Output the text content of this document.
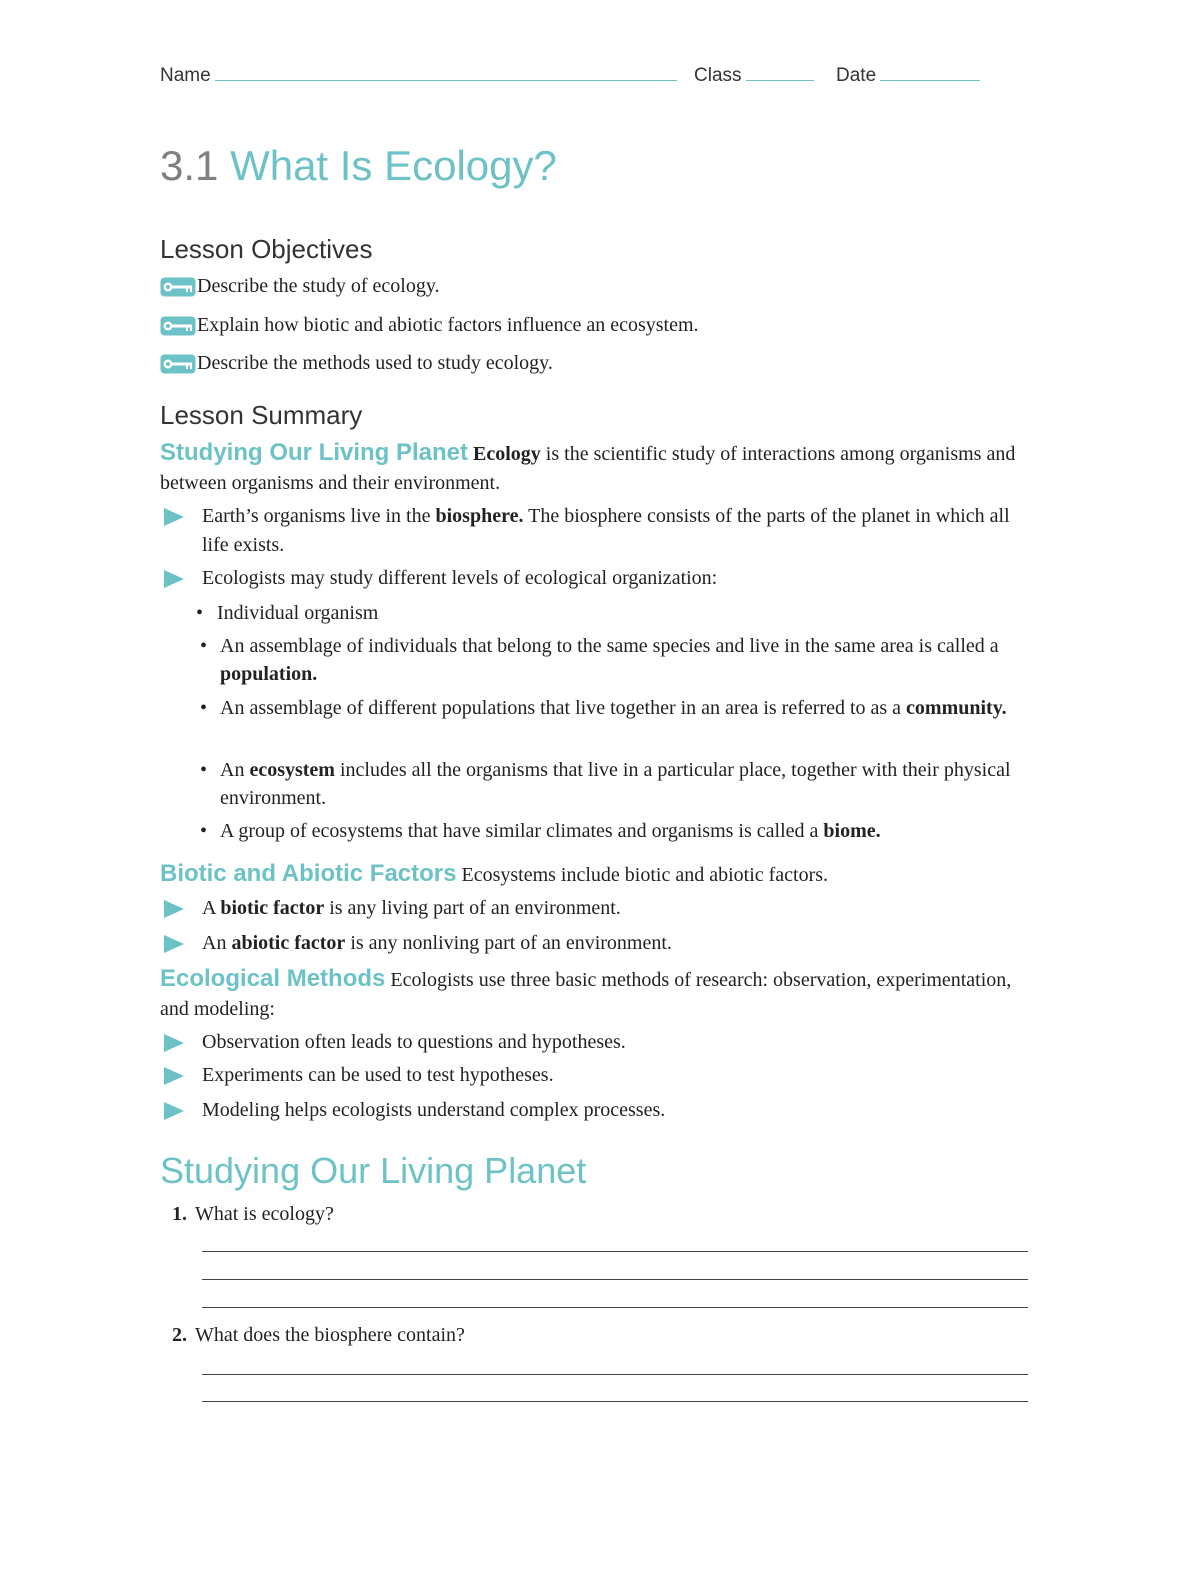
Name	Class	Date
3.1 What Is Ecology?
Lesson Objectives
Describe the study of ecology.
Explain how biotic and abiotic factors influence an ecosystem.
Describe the methods used to study ecology.
Lesson Summary
Studying Our Living Planet Ecology is the scientific study of interactions among organisms and between organisms and their environment.
Earth’s organisms live in the biosphere. The biosphere consists of the parts of the planet in which all life exists.
Ecologists may study different levels of ecological organization:
• Individual organism
• An assemblage of individuals that belong to the same species and live in the same area is called a population.
• An assemblage of different populations that live together in an area is referred to as a community.
• An ecosystem includes all the organisms that live in a particular place, together with their physical environment.
• A group of ecosystems that have similar climates and organisms is called a biome.
Biotic and Abiotic Factors Ecosystems include biotic and abiotic factors.
A biotic factor is any living part of an environment.
An abiotic factor is any nonliving part of an environment.
Ecological Methods Ecologists use three basic methods of research: observation, experimentation, and modeling:
Observation often leads to questions and hypotheses.
Experiments can be used to test hypotheses.
Modeling helps ecologists understand complex processes.
Studying Our Living Planet
1. What is ecology?
2. What does the biosphere contain?
